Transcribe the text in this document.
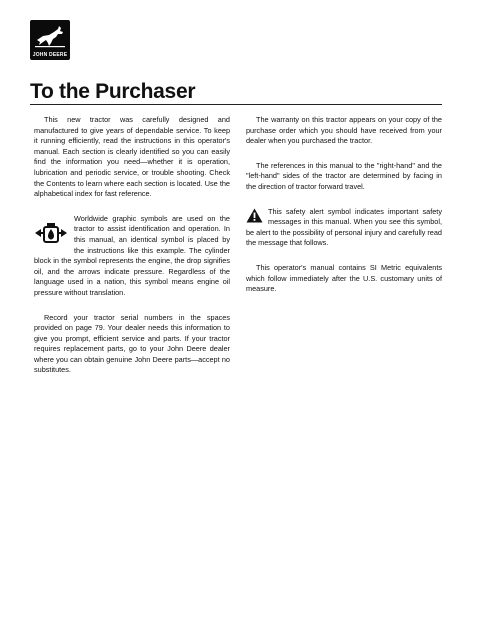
JOHN DEERE
To the Purchaser

This new tractor was carefully designed and manufactured to give years of dependable service. To keep it running efficiently, read the instructions in this operator's manual. Each section is clearly identified so you can easily find the information you need—whether it is operation, lubrication and periodic service, or trouble shooting. Check the Contents to learn where each section is located. Use the alphabetical index for fast reference.

Worldwide graphic symbols are used on the tractor to assist identification and operation. In this manual, an identical symbol is placed by the instructions like this example. The cylinder block in the symbol represents the engine, the drop signifies oil, and the arrows indicate pressure. Regardless of the language used in a nation, this symbol means engine oil pressure without translation.

Record your tractor serial numbers in the spaces provided on page 79. Your dealer needs this information to give you prompt, efficient service and parts. If your tractor requires replacement parts, go to your John Deere dealer where you can obtain genuine John Deere parts—accept no substitutes.

The warranty on this tractor appears on your copy of the purchase order which you should have received from your dealer when you purchased the tractor.

The references in this manual to the "right-hand" and the "left-hand" sides of the tractor are determined by facing in the direction of tractor forward travel.

This safety alert symbol indicates important safety messages in this manual. When you see this symbol, be alert to the possibility of personal injury and carefully read the message that follows.

This operator's manual contains SI Metric equivalents which follow immediately after the U.S. customary units of measure.
